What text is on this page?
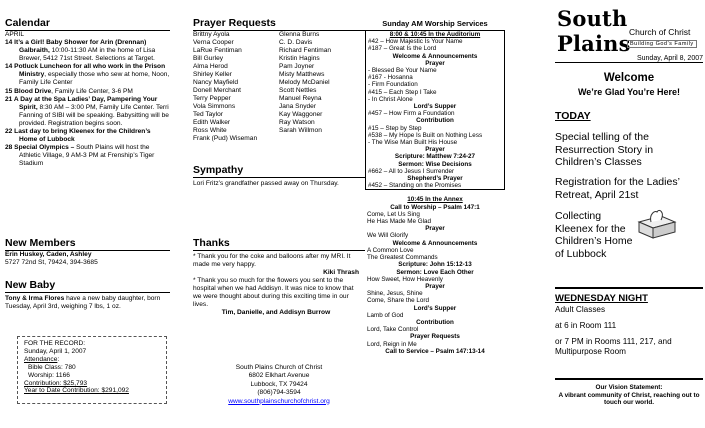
Calendar
APRIL
14 It’s a Girl! Baby Shower for Arin (Drennan) Galbraith, 10:00-11:30 AM in the home of Lisa Brewer, 5412 71st Street. Selections at Target.
14 Potluck Luncheon for all who work in the Prison Ministry, especially those who sew at home, Noon, Family Life Center
15 Blood Drive, Family Life Center, 3-6 PM
21 A Day at the Spa Ladies’ Day, Pampering Your Spirit, 8:30 AM – 3:00 PM, Family Life Center. Terri Fanning of SIBI will be speaking. Babysitting will be provided. Registration begins soon.
22 Last day to bring Kleenex for the Children’s Home of Lubbock
28 Special Olympics – South Plains will host the Athletic Village, 9 AM-3 PM at Frenship’s Tiger Stadium
New Members
Erin Huskey, Caden, Ashley
5727 72nd St, 79424, 394-3685
New Baby
Tony & Irma Flores have a new baby daughter, born Tuesday, April 3rd, weighing 7 lbs, 1 oz.
FOR THE RECORD:
Sunday, April 1, 2007
Attendance:
Bible Class: 780
Worship: 1166
Contribution: $25,793
Year to Date Contribution: $291,092
Prayer Requests
Brittny Ayola
Verna Cooper
LaRue Fentiman
Bill Gurley
Alma Herod
Shirley Keller
Nancy Mayfield
Donell Merchant
Terry Pepper
Vola Simmons
Ted Taylor
Edith Walker
Ross White
Frank (Pud) Wiseman
Glenna Burns
C. D. Davis
Richard Fentiman
Kristin Hagins
Pam Joyner
Misty Matthews
Melody McDaniel
Scott Nettles
Manuel Reyna
Jana Snyder
Kay Waggoner
Ray Watson
Sarah Willmon
Sympathy
Lori Fritz’s grandfather passed away on Thursday.
Thanks
* Thank you for the coke and balloons after my MRI. It made me very happy.
Kiki Thrash
* Thank you so much for the flowers you sent to the hospital when we had Addisyn. It was nice to know that we were thought about during this exciting time in our lives.
Tim, Danielle, and Addisyn Burrow
South Plains Church of Christ
6802 Elkhart Avenue
Lubbock, TX 79424
(806)794-3594
www.southplainschurchofchrist.org
Sunday AM Worship Services
8:00 & 10:45 In the Auditorium
#42 – How Majestic Is Your Name
#187 – Great Is the Lord
Welcome & Announcements
Prayer
- Blessed Be Your Name
#167 - Hosanna
- Firm Foundation
#415 – Each Step I Take
- In Christ Alone
Lord’s Supper
#457 – How Firm a Foundation
Contribution
#15 – Step by Step
#538 – My Hope Is Built on Nothing Less
- The Wise Man Built His House
Prayer
Scripture: Matthew 7:24-27
Sermon: Wise Decisions
#662 – All to Jesus I Surrender
Shepherd’s Prayer
#452 – Standing on the Promises
10:45 In the Annex
Call to Worship – Psalm 147:1
Come, Let Us Sing
He Has Made Me Glad
Prayer
We Will Glorify
Welcome & Announcements
A Common Love
The Greatest Commands
Scripture: John 15:12-13
Sermon: Love Each Other
How Sweet, How Heavenly
Prayer
Shine, Jesus, Shine
Come, Share the Lord
Lord’s Supper
Lamb of God
Contribution
Lord, Take Control
Prayer Requests
Lord, Reign in Me
Call to Service – Psalm 147:13-14
South Plains
Church of Christ
Building God’s Family
Sunday, April 8, 2007
Welcome
We’re Glad You’re Here!
TODAY
Special telling of the Resurrection Story in Children’s Classes
Registration for the Ladies’ Retreat, April 21st
Collecting Kleenex for the Children’s Home of Lubbock
WEDNESDAY NIGHT
Adult Classes
at 6 in Room 111
or 7 PM in Rooms 111, 217, and Multipurpose Room
Our Vision Statement:
A vibrant community of Christ, reaching out to touch our world.
